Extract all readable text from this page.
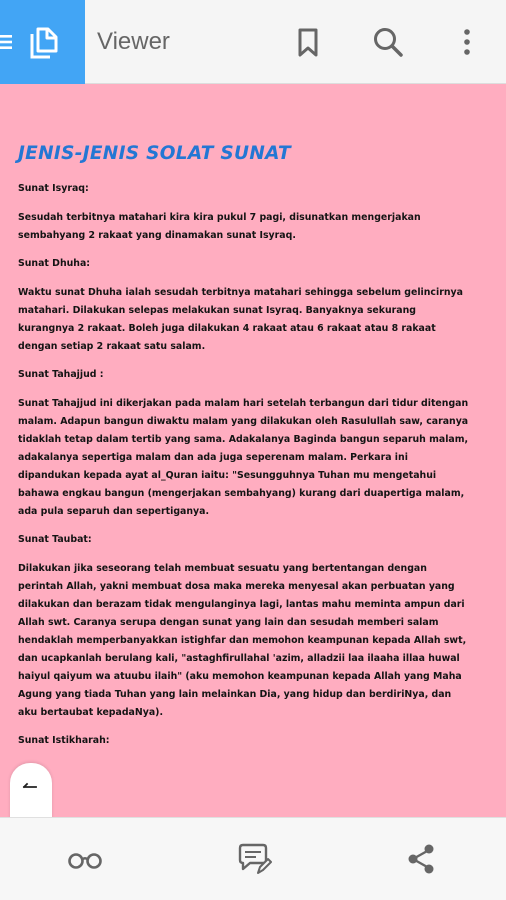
Viewer
JENIS-JENIS SOLAT SUNAT

Sunat Isyraq:

Sesudah terbitnya matahari kira kira pukul 7 pagi, disunatkan mengerjakan sembahyang 2 rakaat yang dinamakan sunat Isyraq.

Sunat Dhuha:

Waktu sunat Dhuha ialah sesudah terbitnya matahari sehingga sebelum gelincirnya matahari. Dilakukan selepas melakukan sunat Isyraq. Banyaknya sekurang kurangnya 2 rakaat. Boleh juga dilakukan 4 rakaat atau 6 rakaat atau 8 rakaat dengan setiap 2 rakaat satu salam.

Sunat Tahajjud :

Sunat Tahajjud ini dikerjakan pada malam hari setelah terbangun dari tidur ditengan malam. Adapun bangun diwaktu malam yang dilakukan oleh Rasulullah saw, caranya tidaklah tetap dalam tertib yang sama. Adakalanya Baginda bangun separuh malam, adakalanya sepertiga malam dan ada juga seperenam malam. Perkara ini dipandukan kepada ayat al_Quran iaitu: "Sesungguhnya Tuhan mu mengetahui bahawa engkau bangun (mengerjakan sembahyang) kurang dari duapertiga malam, ada pula separuh dan sepertiganya.

Sunat Taubat:

Dilakukan jika seseorang telah membuat sesuatu yang bertentangan dengan perintah Allah, yakni membuat dosa maka mereka menyesal akan perbuatan yang dilakukan dan berazam tidak mengulanginya lagi, lantas mahu meminta ampun dari Allah swt. Caranya serupa dengan sunat yang lain dan sesudah memberi salam hendaklah memperbanyakkan istighfar dan memohon keampunan kepada Allah swt, dan ucapkanlah berulang kali, "astaghfirullahal 'azim, alladzii laa ilaaha illaa huwal haiyul qaiyum wa atuubu ilaih" (aku memohon keampunan kepada Allah yang Maha Agung yang tiada Tuhan yang lain melainkan Dia, yang hidup dan berdiriNya, dan aku bertaubat kepadaNya).

Sunat Istikharah:
